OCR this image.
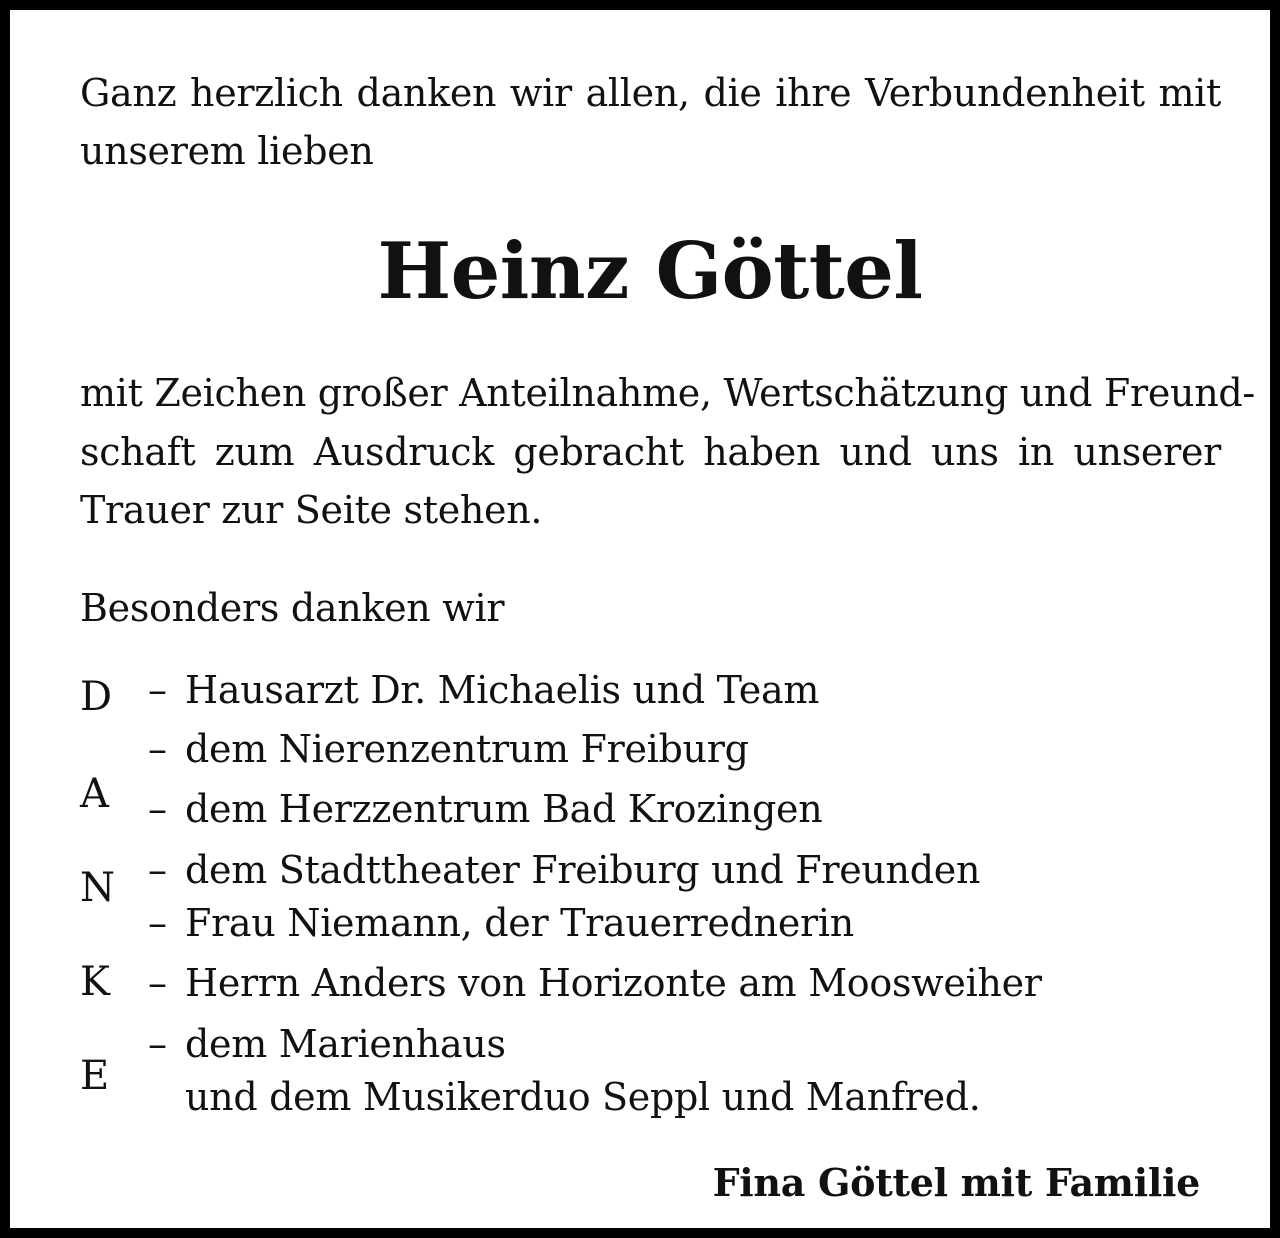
Ganz herzlich danken wir allen, die ihre Verbundenheit mit

unserem lieben

Heinz Göttel

mit Zeichen großer Anteilnahme, Wertschätzung und Freund-

schaft zum Ausdruck gebracht haben und uns in unserer

Trauer zur Seite stehen.

Besonders danken wir

D
A
N
K
E
– Hausarzt Dr. Michaelis und Team
– dem Nierenzentrum Freiburg
– dem Herzzentrum Bad Krozingen
– dem Stadttheater Freiburg und Freunden
– Frau Niemann, der Trauerrednerin
– Herrn Anders von Horizonte am Moosweiher
– dem Marienhaus
und dem Musikerduo Seppl und Manfred.

Fina Göttel mit Familie
